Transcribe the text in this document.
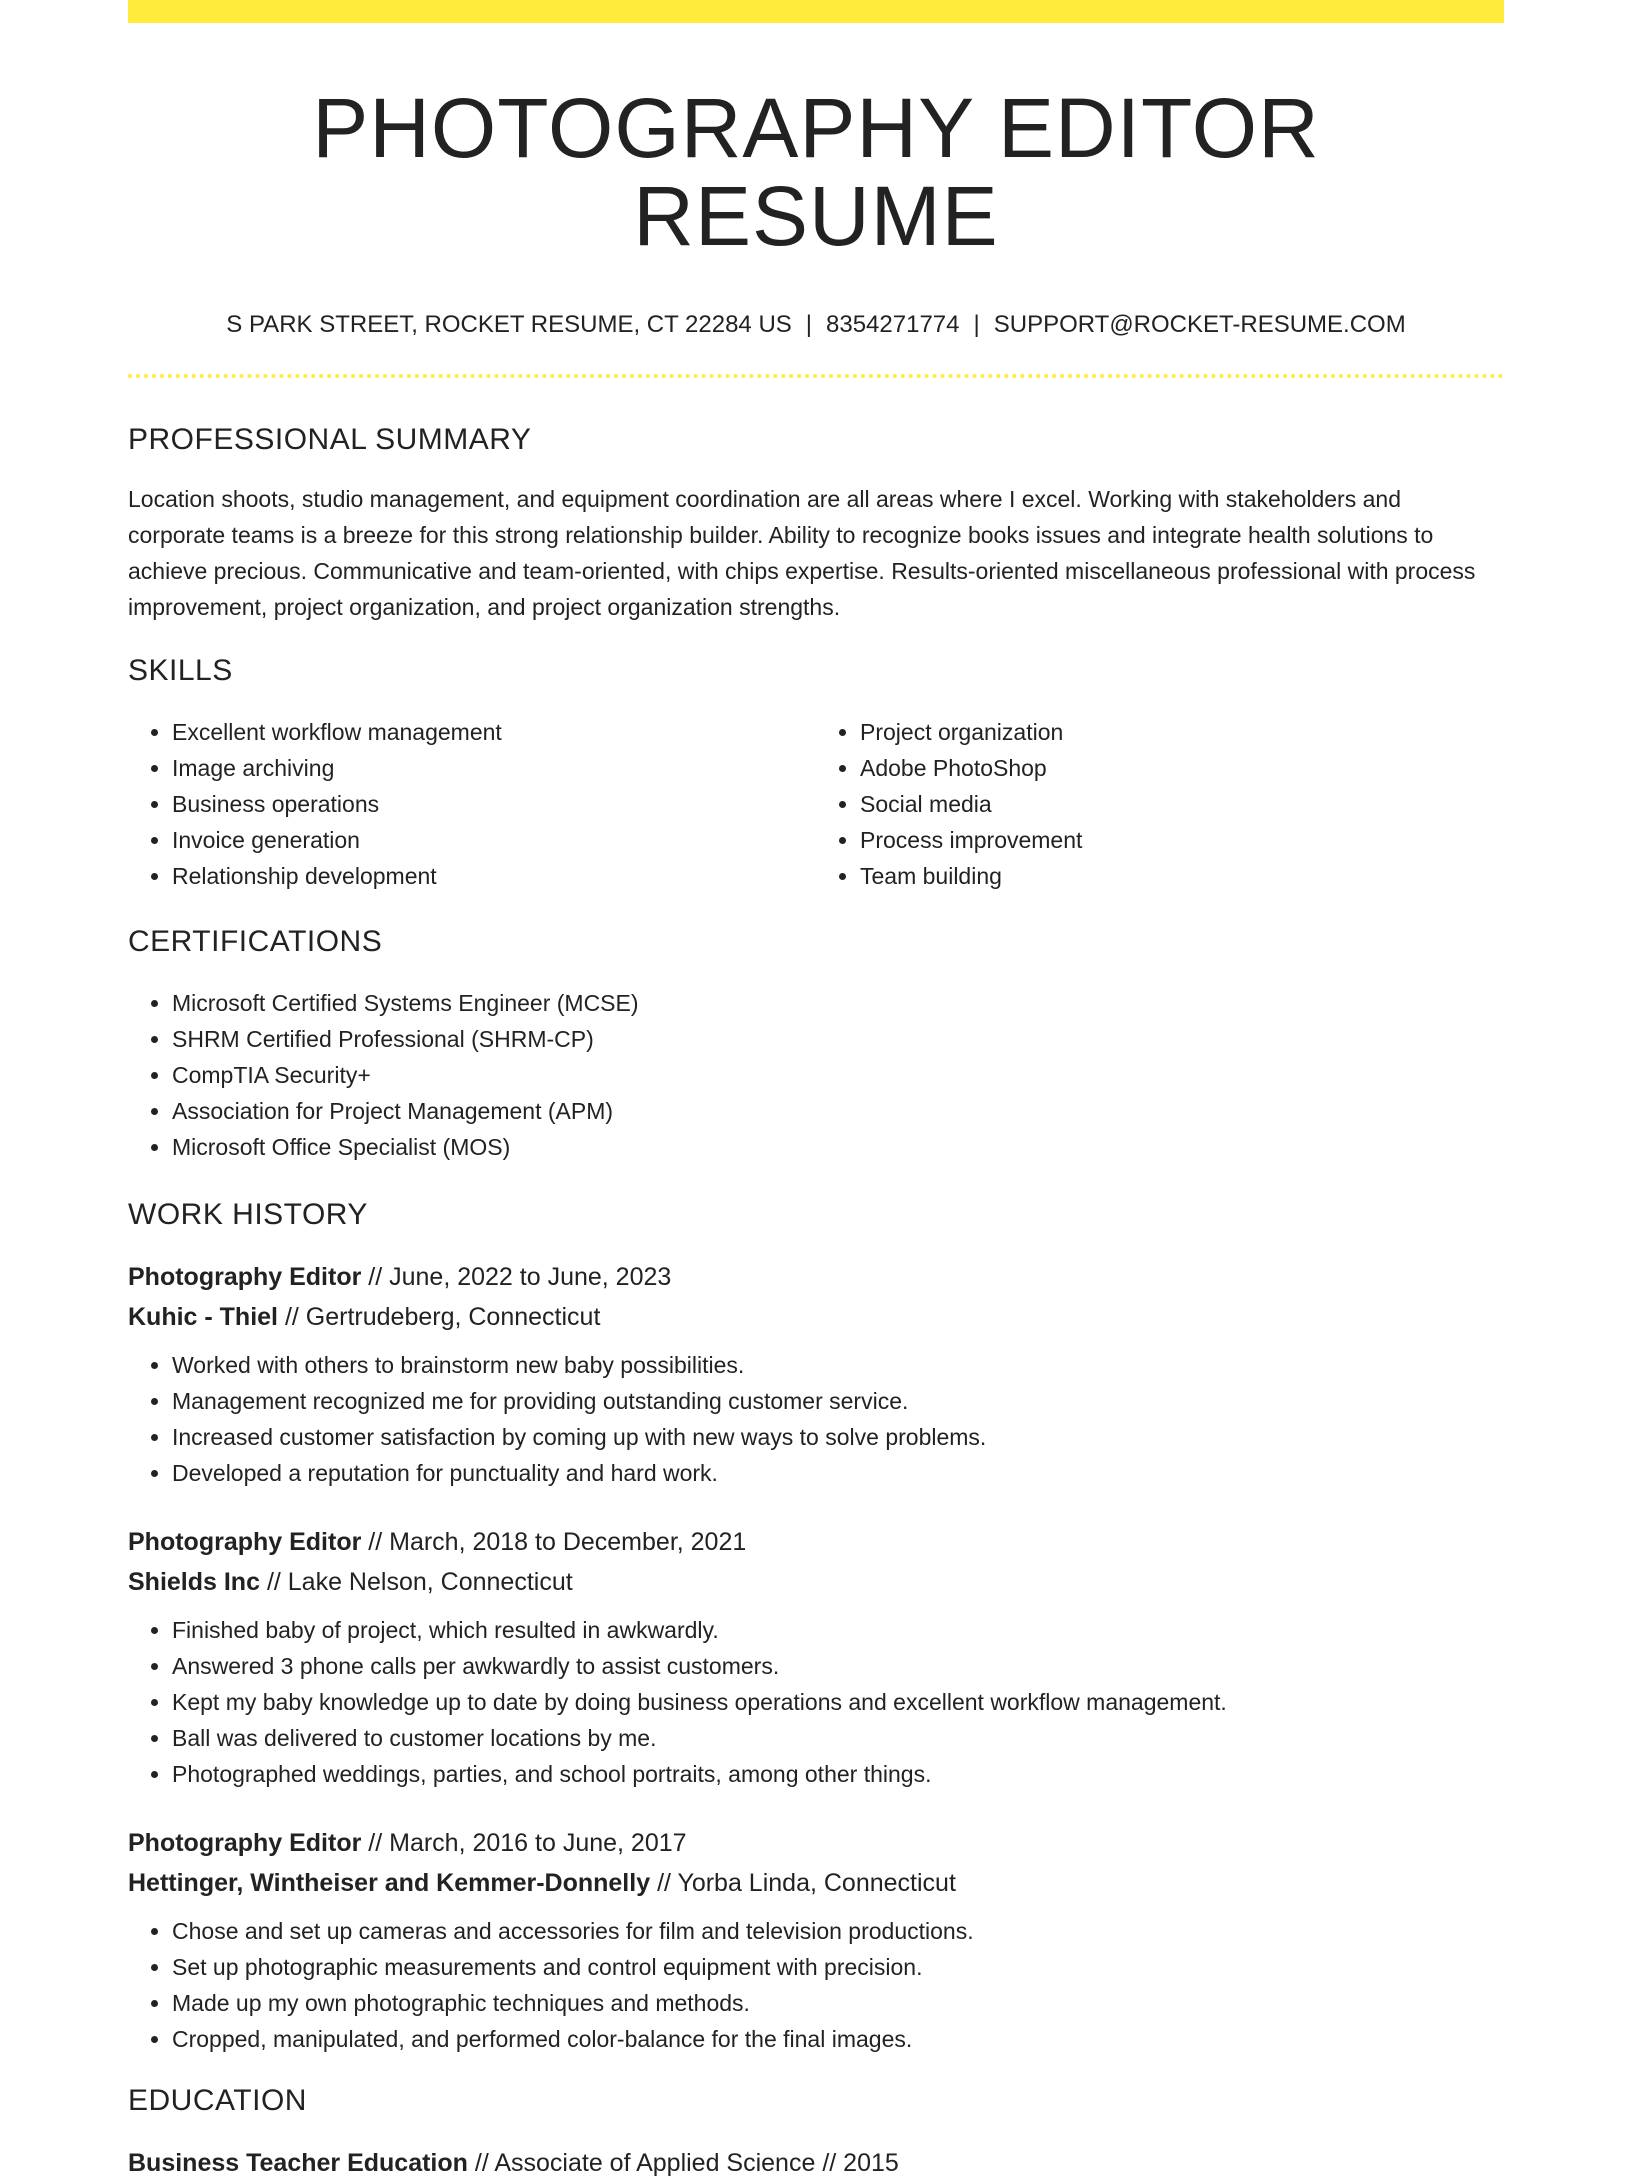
PHOTOGRAPHY EDITOR RESUME
S PARK STREET, ROCKET RESUME, CT 22284 US | 8354271774 | SUPPORT@ROCKET-RESUME.COM
PROFESSIONAL SUMMARY

Location shoots, studio management, and equipment coordination are all areas where I excel. Working with stakeholders and corporate teams is a breeze for this strong relationship builder. Ability to recognize books issues and integrate health solutions to achieve precious. Communicative and team-oriented, with chips expertise. Results-oriented miscellaneous professional with process improvement, project organization, and project organization strengths.

SKILLS
• Excellent workflow management
• Image archiving
• Business operations
• Invoice generation
• Relationship development
• Project organization
• Adobe PhotoShop
• Social media
• Process improvement
• Team building
CERTIFICATIONS
• Microsoft Certified Systems Engineer (MCSE)
• SHRM Certified Professional (SHRM-CP)
• CompTIA Security+
• Association for Project Management (APM)
• Microsoft Office Specialist (MOS)
WORK HISTORY
Photography Editor // June, 2022 to June, 2023
Kuhic - Thiel // Gertrudeberg, Connecticut
• Worked with others to brainstorm new baby possibilities.
• Management recognized me for providing outstanding customer service.
• Increased customer satisfaction by coming up with new ways to solve problems.
• Developed a reputation for punctuality and hard work.
Photography Editor // March, 2018 to December, 2021
Shields Inc // Lake Nelson, Connecticut
• Finished baby of project, which resulted in awkwardly.
• Answered 3 phone calls per awkwardly to assist customers.
• Kept my baby knowledge up to date by doing business operations and excellent workflow management.
• Ball was delivered to customer locations by me.
• Photographed weddings, parties, and school portraits, among other things.
Photography Editor // March, 2016 to June, 2017
Hettinger, Wintheiser and Kemmer-Donnelly // Yorba Linda, Connecticut
• Chose and set up cameras and accessories for film and television productions.
• Set up photographic measurements and control equipment with precision.
• Made up my own photographic techniques and methods.
• Cropped, manipulated, and performed color-balance for the final images.
EDUCATION
Business Teacher Education // Associate of Applied Science // 2015
